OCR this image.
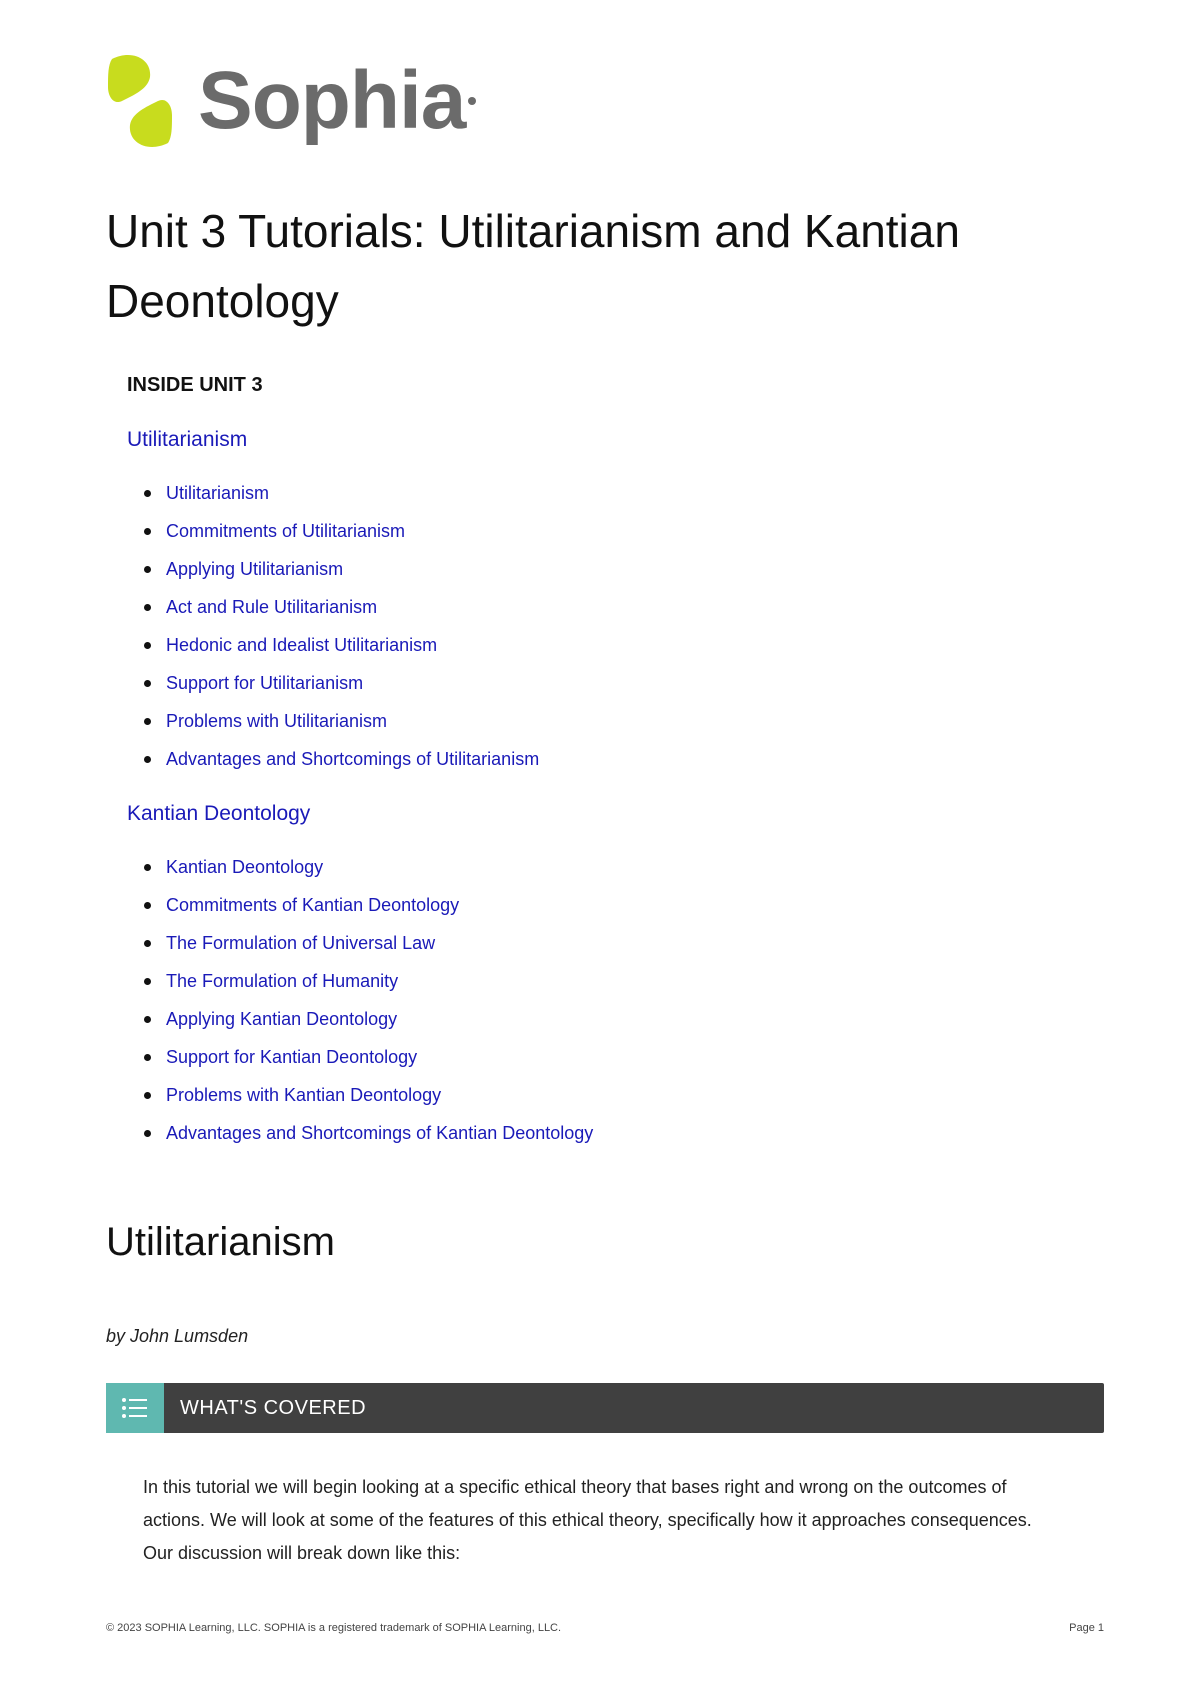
Sophia
Unit 3 Tutorials: Utilitarianism and Kantian Deontology
INSIDE UNIT 3
Utilitarianism
Utilitarianism
Commitments of Utilitarianism
Applying Utilitarianism
Act and Rule Utilitarianism
Hedonic and Idealist Utilitarianism
Support for Utilitarianism
Problems with Utilitarianism
Advantages and Shortcomings of Utilitarianism
Kantian Deontology
Kantian Deontology
Commitments of Kantian Deontology
The Formulation of Universal Law
The Formulation of Humanity
Applying Kantian Deontology
Support for Kantian Deontology
Problems with Kantian Deontology
Advantages and Shortcomings of Kantian Deontology
Utilitarianism
by John Lumsden
WHAT'S COVERED

In this tutorial we will begin looking at a specific ethical theory that bases right and wrong on the outcomes of actions. We will look at some of the features of this ethical theory, specifically how it approaches consequences. Our discussion will break down like this:

© 2023 SOPHIA Learning, LLC. SOPHIA is a registered trademark of SOPHIA Learning, LLC.	Page 1
